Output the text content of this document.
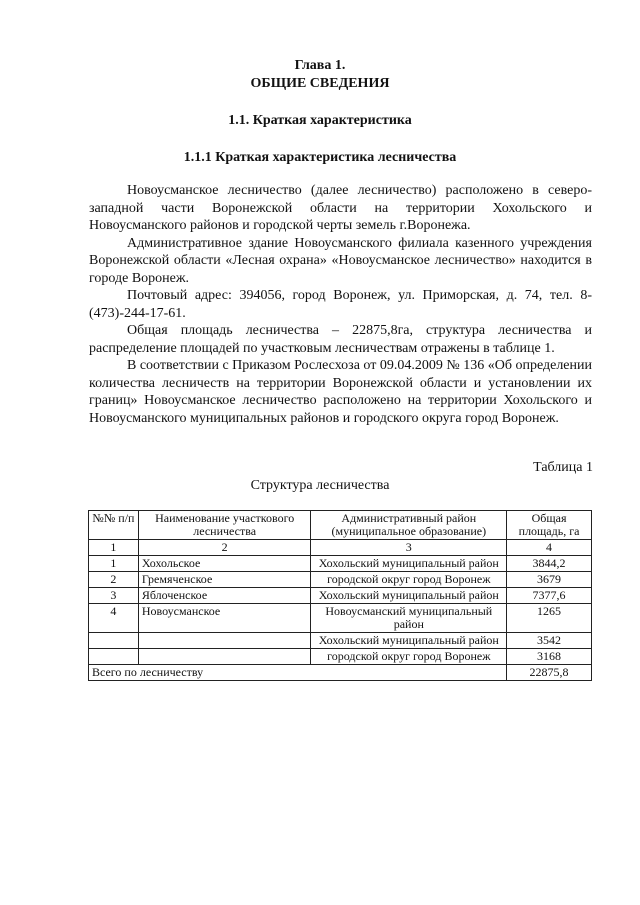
Глава 1.
ОБЩИЕ СВЕДЕНИЯ
1.1. Краткая характеристика
1.1.1 Краткая характеристика лесничества

Новоусманское лесничество (далее лесничество) расположено в северо- западной части Воронежской области на территории Хохольского и Новоусманского районов и городской черты земель г.Воронежа.

Административное здание Новоусманского филиала казенного учреждения Воронежской области «Лесная охрана» «Новоусманское лесничество» находится в городе Воронеж.

Почтовый адрес: 394056, город Воронеж, ул. Приморская, д. 74, тел. 8-(473)-244-17-61.

Общая площадь лесничества – 22875,8га, структура лесничества и распределение площадей по участковым лесничествам отражены в таблице 1.

В соответствии с Приказом Рослесхоза от 09.04.2009 № 136 «Об определении количества лесничеств на территории Воронежской области и установлении их границ» Новоусманское лесничество расположено на территории Хохольского и Новоусманского муниципальных районов и городского округа город Воронеж.

Таблица 1
Структура лесничества
№№ п/п	Наименование участкового лесничества	Административный район (муниципальное образование)	Общая площадь, га
1	2	3	4
1	Хохольское	Хохольский муниципальный район	3844,2
2	Гремяченское	городской округ город Воронеж	3679
3	Яблоченское	Хохольский муниципальный район	7377,6
4	Новоусманское	Новоусманский муниципальный район	1265
		Хохольский муниципальный район	3542
		городской округ город Воронеж	3168
Всего по лесничеству			22875,8
